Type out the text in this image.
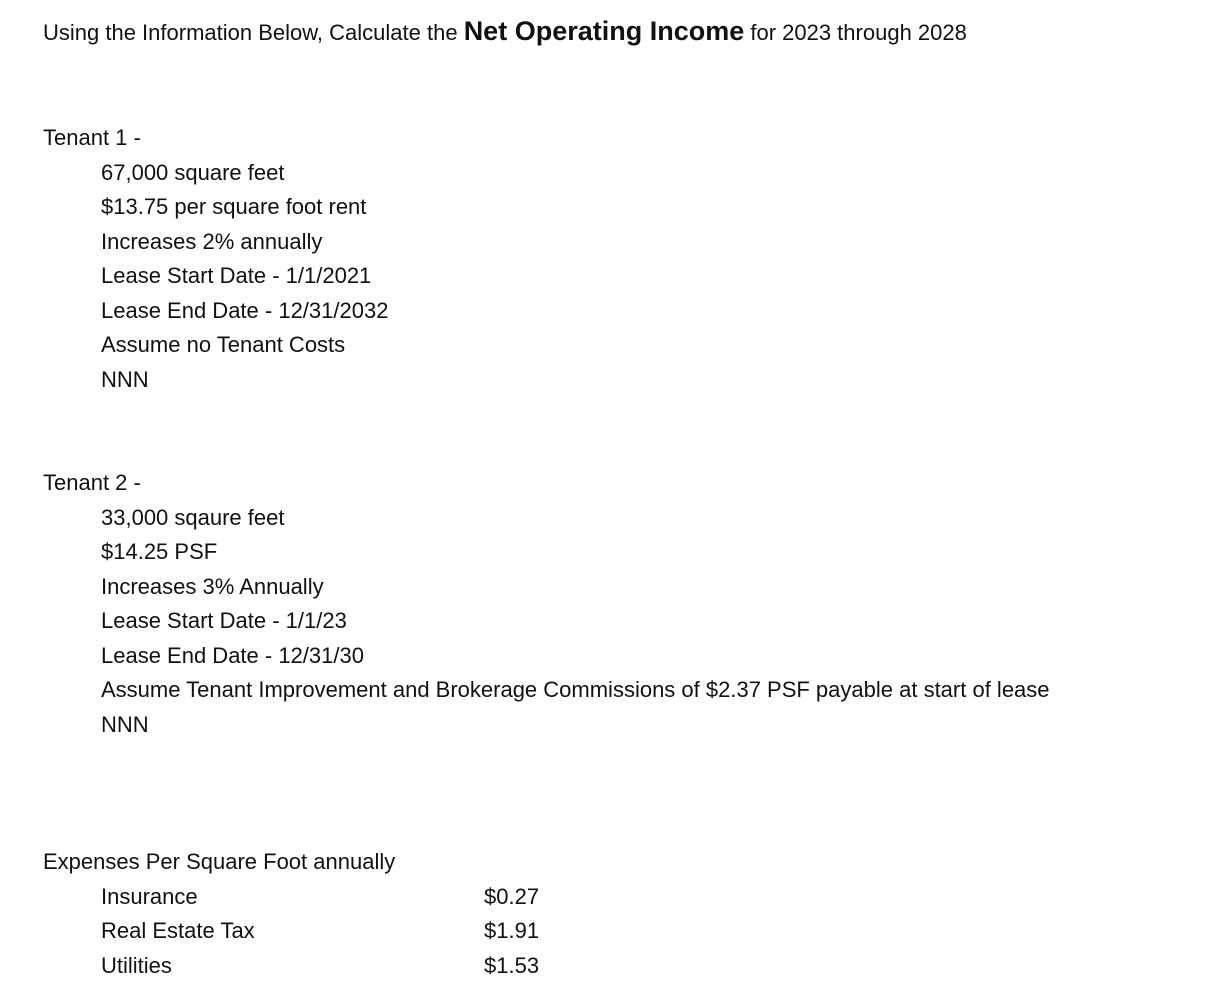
Using the Information Below, Calculate the Net Operating Income for 2023 through 2028
Tenant 1 -
67,000 square feet
$13.75 per square foot rent
Increases 2% annually
Lease Start Date - 1/1/2021
Lease End Date - 12/31/2032
Assume no Tenant Costs
NNN
Tenant 2 -
33,000 sqaure feet
$14.25 PSF
Increases 3% Annually
Lease Start Date - 1/1/23
Lease End Date - 12/31/30
Assume Tenant Improvement and Brokerage Commissions of $2.37 PSF payable at start of lease
NNN
Expenses Per Square Foot annually
Insurance	$0.27
Real Estate Tax	$1.91
Utilities	$1.53
